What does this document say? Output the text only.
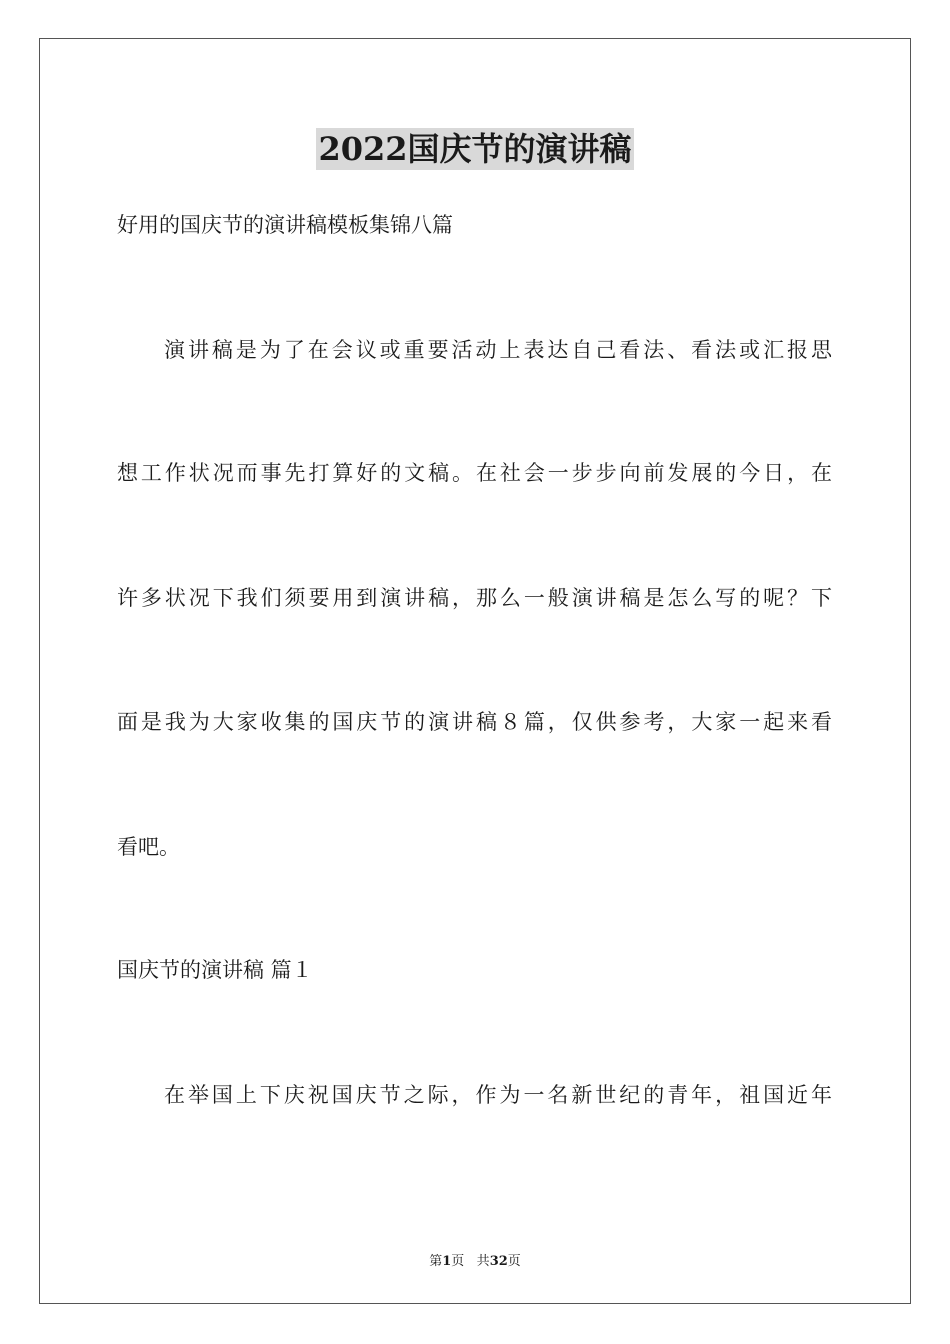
2022国庆节的演讲稿
好用的国庆节的演讲稿模板集锦八篇
演讲稿是为了在会议或重要活动上表达自己看法、看法或汇报思
想工作状况而事先打算好的文稿。在社会一步步向前发展的今日，在
许多状况下我们须要用到演讲稿，那么一般演讲稿是怎么写的呢？下
面是我为大家收集的国庆节的演讲稿８篇，仅供参考，大家一起来看
看吧。
国庆节的演讲稿 篇１
在举国上下庆祝国庆节之际，作为一名新世纪的青年，祖国近年
第1页 共32页
